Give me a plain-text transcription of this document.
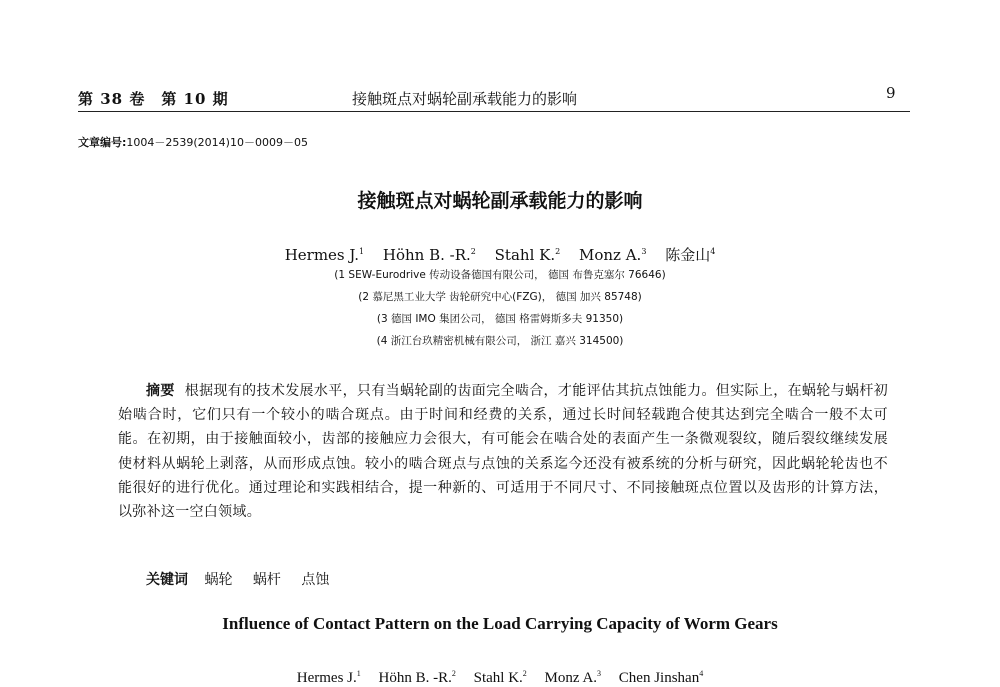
第 38 卷　第 10 期	接触斑点对蜗轮副承载能力的影响	9
文章编号:1004－2539(2014)10－0009－05
接触斑点对蜗轮副承载能力的影响
Hermes J.$^1$ Höhn B. -R.$^2$ Stahl K.$^2$ Monz A.$^3$ 陈金山$^4$
(1 SEW-Eurodrive 传动设备德国有限公司， 德国 布鲁克塞尔 76646)
(2 慕尼黑工业大学 齿轮研究中心(FZG)， 德国 加兴 85748)
(3 德国 IMO 集团公司， 德国 格雷姆斯多夫 91350)
(4 浙江台玖精密机械有限公司， 浙江 嘉兴 314500)
摘要 根据现有的技术发展水平，只有当蜗轮副的齿面完全啮合，才能评估其抗点蚀能力。但实际上，在蜗轮与蜗杆初始啮合时，它们只有一个较小的啮合斑点。由于时间和经费的关系，通过长时间轻载跑合使其达到完全啮合一般不太可能。在初期，由于接触面较小，齿部的接触应力会很大，有可能会在啮合处的表面产生一条微观裂纹，随后裂纹继续发展使材料从蜗轮上剥落，从而形成点蚀。较小的啮合斑点与点蚀的关系迄今还没有被系统的分析与研究，因此蜗轮轮齿也不能很好的进行优化。通过理论和实践相结合，提一种新的、可适用于不同尺寸、不同接触斑点位置以及齿形的计算方法，以弥补这一空白领域。
关键词 蜗轮 蜗杆 点蚀
Influence of Contact Pattern on the Load Carrying Capacity of Worm Gears
Hermes J.$^1$ Höhn B. -R.$^2$ Stahl K.$^2$ Monz A.$^3$ Chen Jinshan$^4$
